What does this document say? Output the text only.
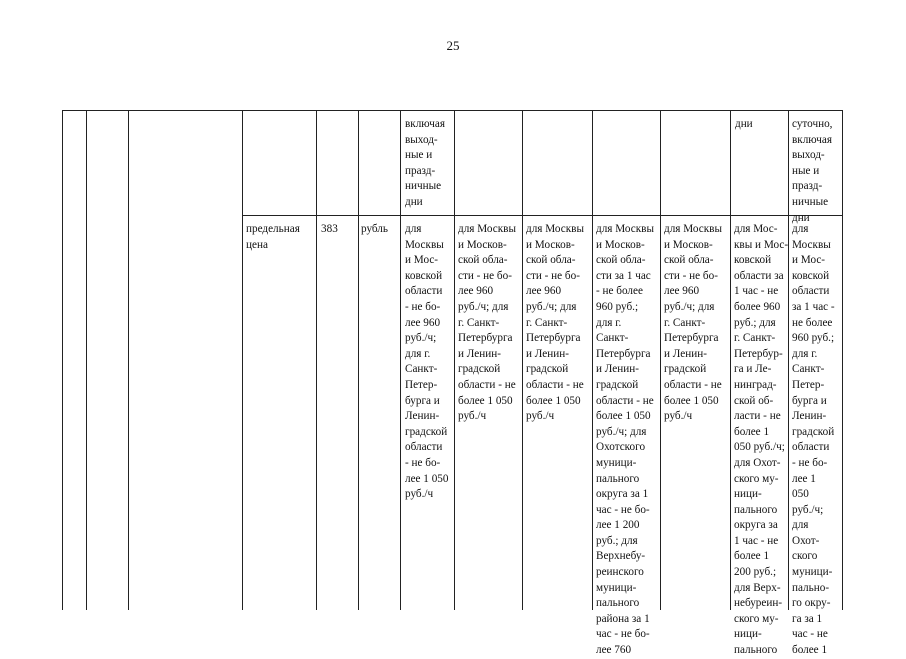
25
включая
выход-
ные и
празд-
ничные
дни
дни	суточно,
включая
выход-
ные и
празд-
ничные
дни
предельная
цена
383 рубль для
Москвы
и Мос-
ковской
области
- не бо-
лее 960
руб./ч;
для г.
Санкт-
Петер-
бурга и
Ленин-
градской
области
- не бо-
лее 1 050
руб./ч
для Москвы
и Москов-
ской обла-
сти - не бо-
лее 960
руб./ч; для
г. Санкт-
Петербурга
и Ленин-
градской
области - не
более 1 050
руб./ч
для Москвы
и Москов-
ской обла-
сти - не бо-
лее 960
руб./ч; для
г. Санкт-
Петербурга
и Ленин-
градской
области - не
более 1 050
руб./ч
для Москвы
и Москов-
ской обла-
сти за 1 час
- не более
960 руб.;
для г.
Санкт-
Петербурга
и Ленин-
градской
области - не
более 1 050
руб./ч; для
Охотского
муници-
пального
округа за 1
час - не бо-
лее 1 200
руб.; для
Верхнебу-
реинского
муници-
пального
района за 1
час - не бо-
лее 760
для Москвы
и Москов-
ской обла-
сти - не бо-
лее 960
руб./ч; для
г. Санкт-
Петербурга
и Ленин-
градской
области - не
более 1 050
руб./ч
для Мос-
квы и Мос-
ковской
области за
1 час - не
более 960
руб.; для
г. Санкт-
Петербур-
га и Ле-
нинград-
ской об-
ласти - не
более 1
050 руб./ч;
для Охот-
ского му-
ници-
пального
округа за
1 час - не
более 1
200 руб.;
для Верх-
небуреин-
ского му-
ници-
пального
для
Москвы
и Мос-
ковской
области
за 1 час -
не более
960 руб.;
для г.
Санкт-
Петер-
бурга и
Ленин-
градской
области
- не бо-
лее 1
050
руб./ч;
для
Охот-
ского
муници-
пально-
го окру-
га за 1
час - не
более 1
